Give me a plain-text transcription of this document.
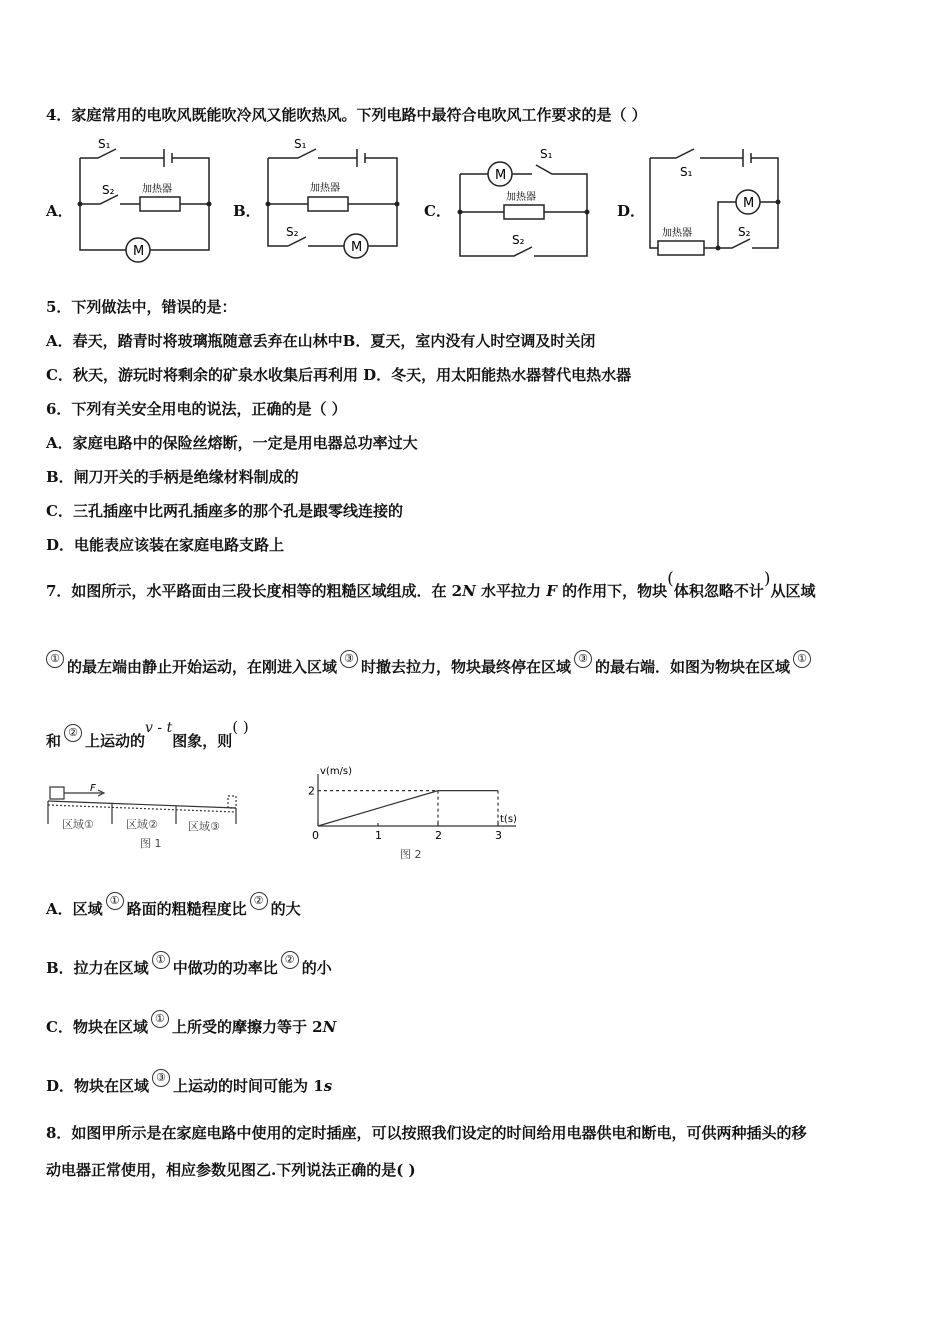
4．家庭常用的电吹风既能吹冷风又能吹热风。下列电路中最符合电吹风工作要求的是（ ）
A．	B．	C．	D．
S₁
S₂	加热器
M
S₁
加热器
S₂
M
M
S₁
加热器
S₂
S₁
M
加热器	S₂
5．下列做法中，错误的是：
A．春天，踏青时将玻璃瓶随意丢弃在山林中B．夏天，室内没有人时空调及时关闭
C．秋天，游玩时将剩余的矿泉水收集后再利用 D．冬天，用太阳能热水器替代电热水器
6．下列有关安全用电的说法，正确的是（ ）
A．家庭电路中的保险丝熔断，一定是用电器总功率过大
B．闸刀开关的手柄是绝缘材料制成的
C．三孔插座中比两孔插座多的那个孔是跟零线连接的
D．电能表应该装在家庭电路支路上
7．如图所示，水平路面由三段长度相等的粗糙区域组成．在 2N 水平拉力 F 的作用下，物块(体积忽略不计)从区域
① 的最左端由静止开始运动，在刚进入区域 ③ 时撤去拉力，物块最终停在区域 ③ 的最右端．如图为物块在区域 ①
和 ② 上运动的v - t图象，则( )
F
区域①	区域②	区域③
图 1
v(m/s)
t(s)
图 2
0	1	2	3
2
A．区域 ① 路面的粗糙程度比 ② 的大
B．拉力在区域 ① 中做功的功率比 ② 的小
C．物块在区域 ① 上所受的摩擦力等于 2N
D．物块在区域 ③ 上运动的时间可能为 1s
8．如图甲所示是在家庭电路中使用的定时插座，可以按照我们设定的时间给用电器供电和断电，可供两种插头的移
动电器正常使用，相应参数见图乙.下列说法正确的是( )
